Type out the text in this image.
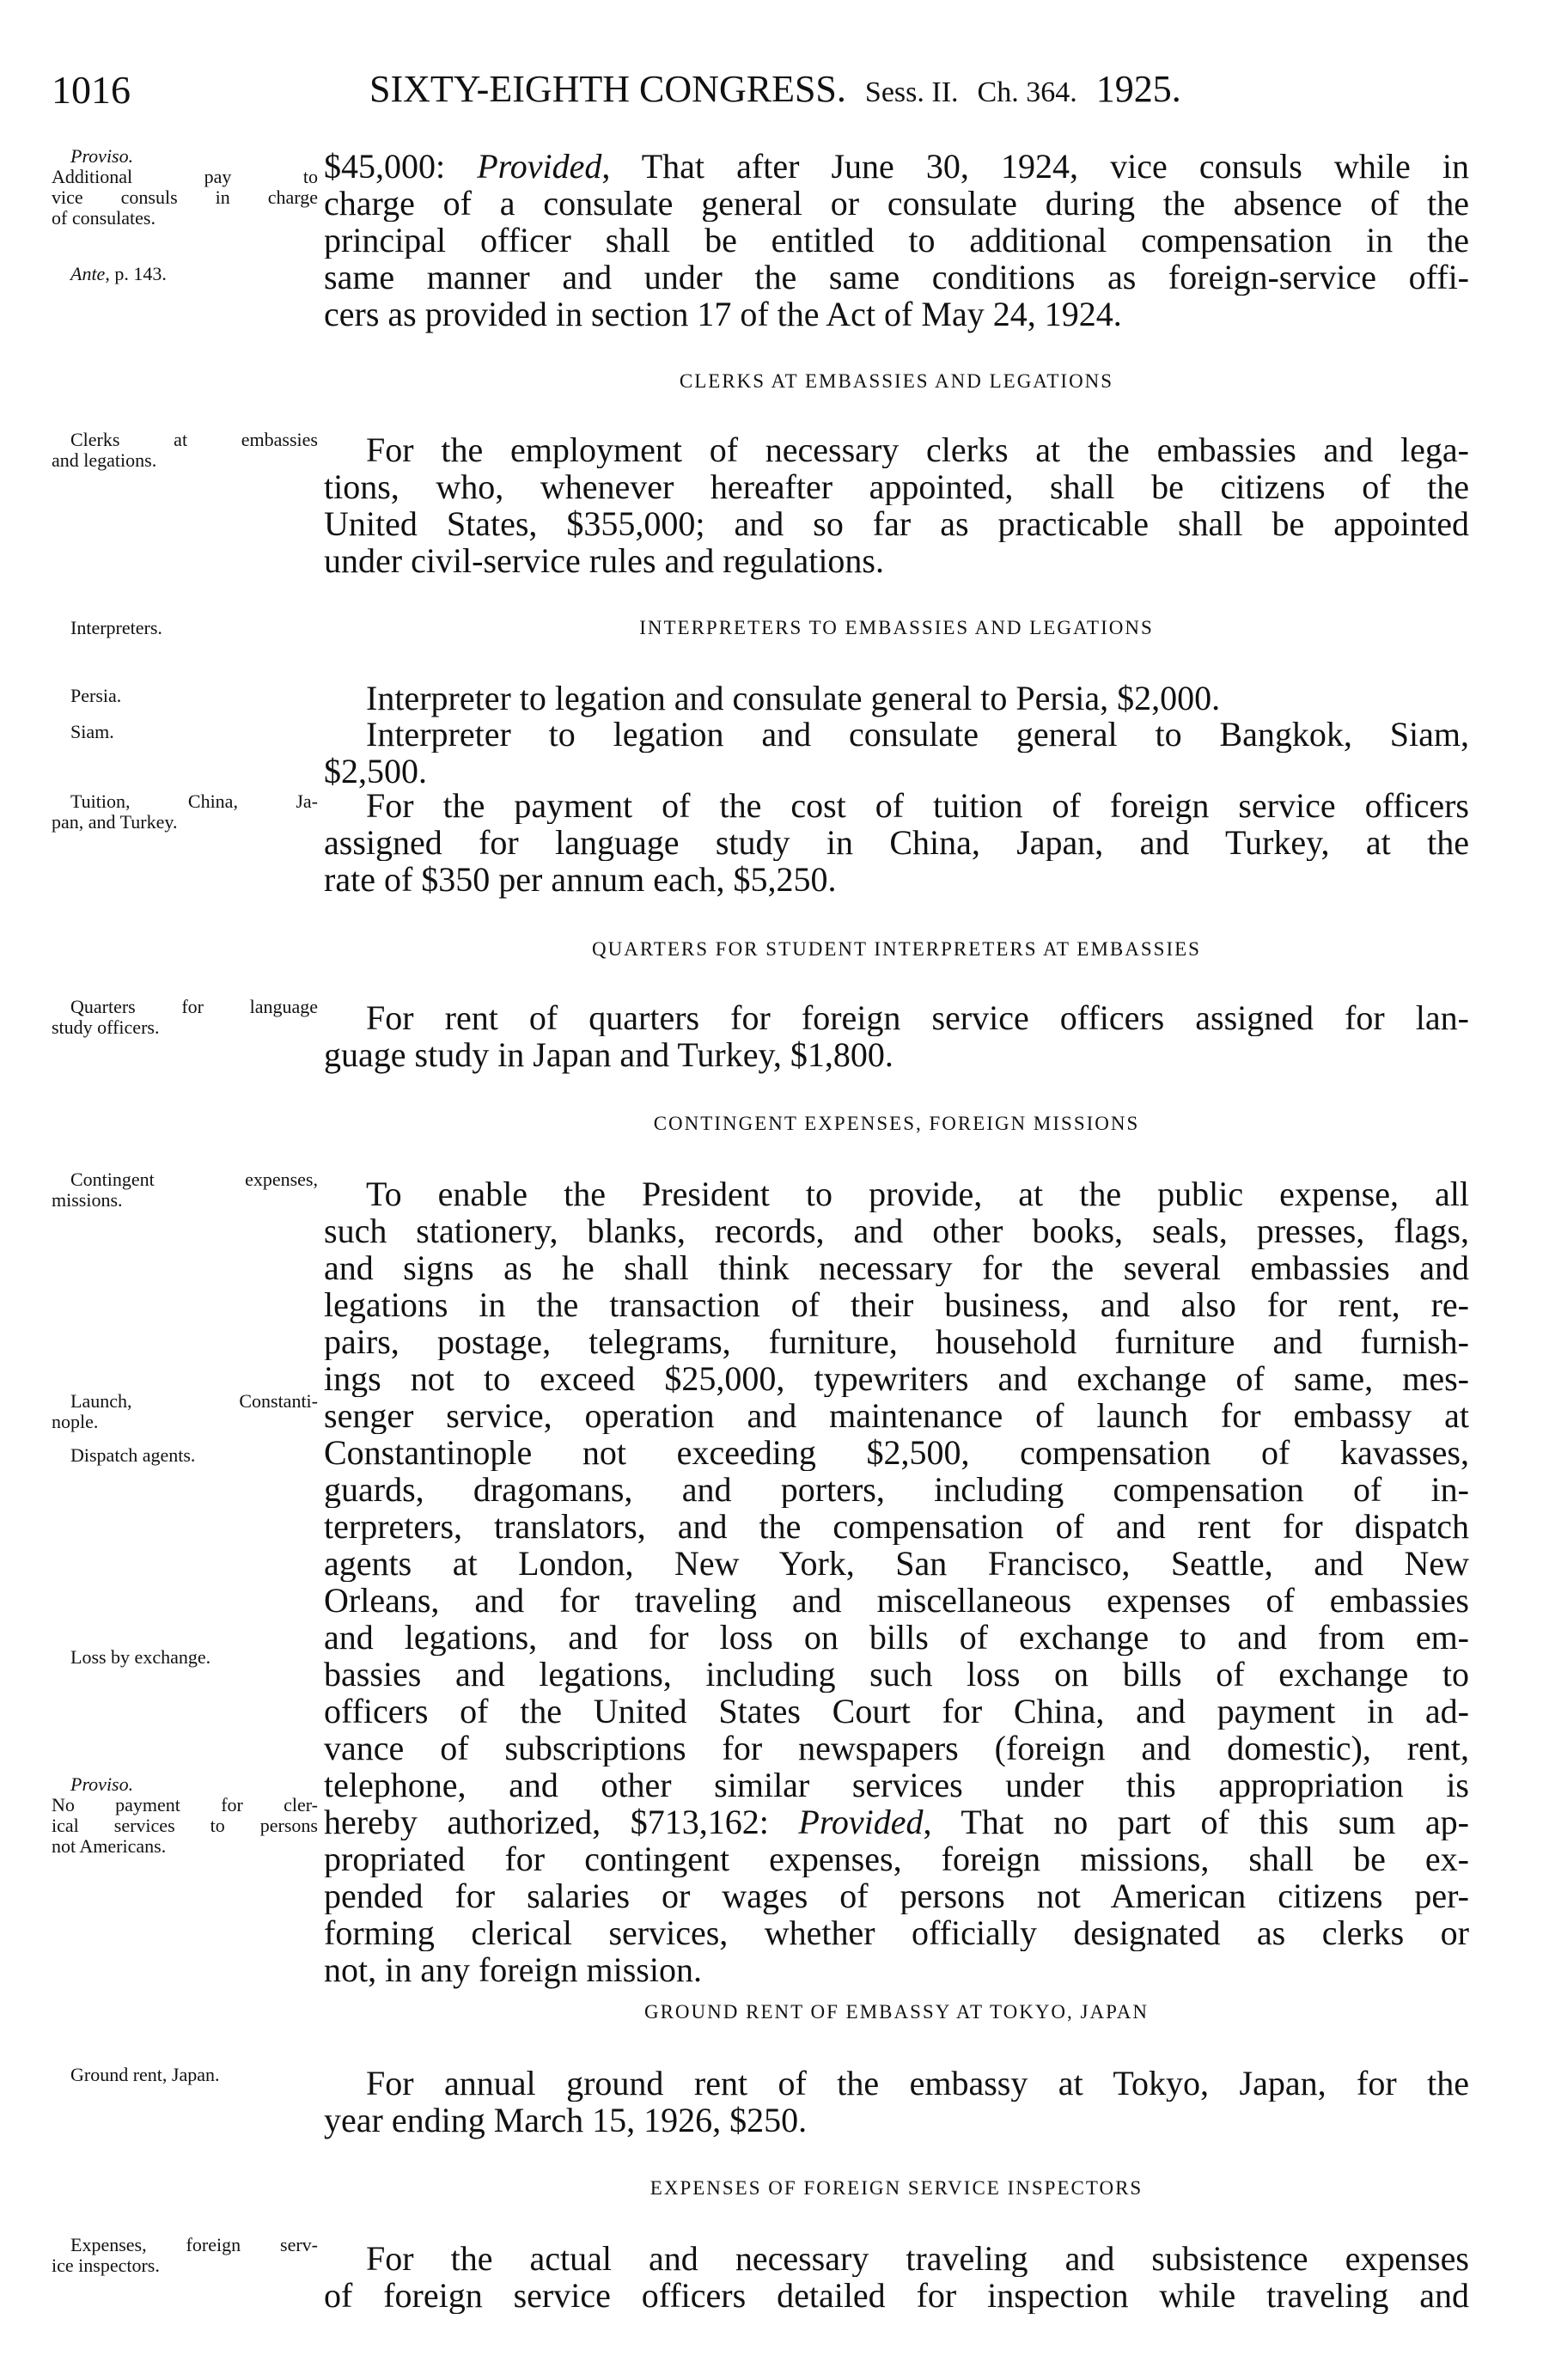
1016	SIXTY-EIGHTH CONGRESS. Sess. II. Ch. 364. 1925.
$45,000: Provided, That after June 30, 1924, vice consuls while in
charge of a consulate general or consulate during the absence of the
principal officer shall be entitled to additional compensation in the
same manner and under the same conditions as foreign-service offi-
cers as provided in section 17 of the Act of May 24, 1924.
CLERKS AT EMBASSIES AND LEGATIONS
For the employment of necessary clerks at the embassies and lega-
tions, who, whenever hereafter appointed, shall be citizens of the
United States, $355,000; and so far as practicable shall be appointed
under civil-service rules and regulations.
INTERPRETERS TO EMBASSIES AND LEGATIONS
Interpreter to legation and consulate general to Persia, $2,000.
Interpreter to legation and consulate general to Bangkok, Siam,
$2,500.
For the payment of the cost of tuition of foreign service officers
assigned for language study in China, Japan, and Turkey, at the
rate of $350 per annum each, $5,250.
QUARTERS FOR STUDENT INTERPRETERS AT EMBASSIES
For rent of quarters for foreign service officers assigned for lan-
guage study in Japan and Turkey, $1,800.
CONTINGENT EXPENSES, FOREIGN MISSIONS
To enable the President to provide, at the public expense, all
such stationery, blanks, records, and other books, seals, presses, flags,
and signs as he shall think necessary for the several embassies and
legations in the transaction of their business, and also for rent, re-
pairs, postage, telegrams, furniture, household furniture and furnish-
ings not to exceed $25,000, typewriters and exchange of same, mes-
senger service, operation and maintenance of launch for embassy at
Constantinople not exceeding $2,500, compensation of kavasses,
guards, dragomans, and porters, including compensation of in-
terpreters, translators, and the compensation of and rent for dispatch
agents at London, New York, San Francisco, Seattle, and New
Orleans, and for traveling and miscellaneous expenses of embassies
and legations, and for loss on bills of exchange to and from em-
bassies and legations, including such loss on bills of exchange to
officers of the United States Court for China, and payment in ad-
vance of subscriptions for newspapers (foreign and domestic), rent,
telephone, and other similar services under this appropriation is
hereby authorized, $713,162: Provided, That no part of this sum ap-
propriated for contingent expenses, foreign missions, shall be ex-
pended for salaries or wages of persons not American citizens per-
forming clerical services, whether officially designated as clerks or
not, in any foreign mission.
GROUND RENT OF EMBASSY AT TOKYO, JAPAN
For annual ground rent of the embassy at Tokyo, Japan, for the
year ending March 15, 1926, $250.
EXPENSES OF FOREIGN SERVICE INSPECTORS
For the actual and necessary traveling and subsistence expenses
of foreign service officers detailed for inspection while traveling and
Proviso.
Additional pay to
vice consuls in charge
of consulates.
Ante, p. 143.
Clerks at embassies
and legations.
Interpreters.
Persia.
Siam.
Tuition, China, Ja-
pan, and Turkey.
Quarters for language
study officers.
Contingent expenses,
missions.
Launch, Constanti-
nople.
Dispatch agents.
Loss by exchange.
Proviso.
No payment for cler-
ical services to persons
not Americans.
Ground rent, Japan.
Expenses, foreign serv-
ice inspectors.
